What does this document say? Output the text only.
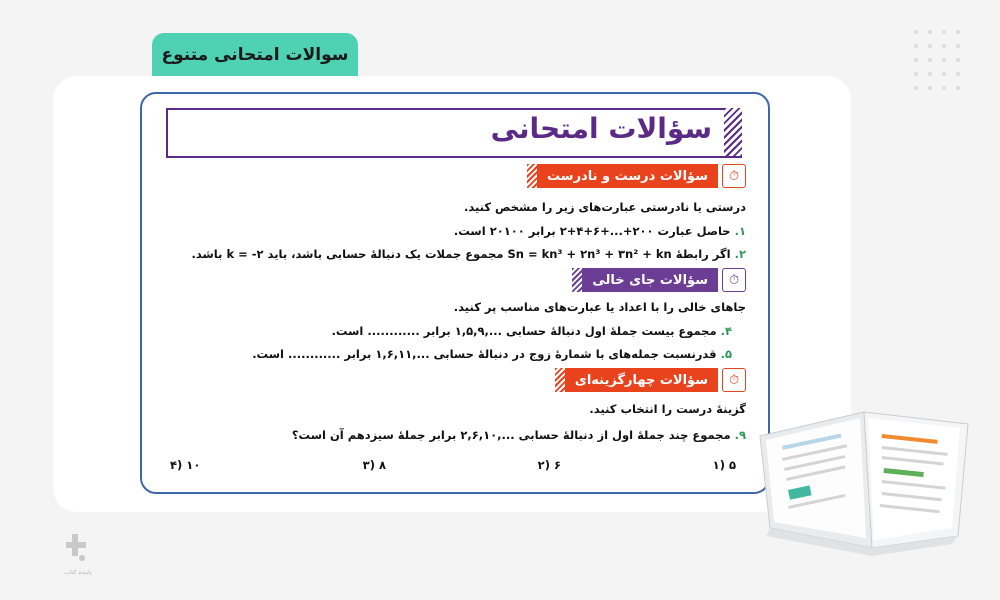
سوالات امتحانی متنوع
سؤالات امتحانی
⏱
سؤالات درست و نادرست
درستی یا نادرستی عبارت‌های زیر را مشخص کنید.
۱. حاصل عبارت ۲۰۰+...+۶+۴+۲ برابر ۲۰۱۰۰ است.
۲. اگر رابطهٔ Sn = kn³ + ۲n³ + ۳n² + kn مجموع جملات یک دنبالهٔ حسابی باشد، باید k = -۲ باشد.
⏱
سؤالات جای خالی
جاهای خالی را با اعداد یا عبارت‌های مناسب پر کنید.
۴. مجموع بیست جملهٔ اول دنبالهٔ حسابی ...,۱,۵,۹ برابر ............ است.
۵. قدرنسبت جمله‌های با شمارهٔ زوج در دنبالهٔ حسابی ...,۱,۶,۱۱ برابر ............ است.
⏱
سؤالات چهارگزینه‌ای
گزینهٔ درست را انتخاب کنید.
۹. مجموع چند جملهٔ اول از دنبالهٔ حسابی ...,۲,۶,۱۰ برابر جملهٔ سیزدهم آن است؟
۵ (۱
۶ (۲
۸ (۳
۱۰ (۴
پاینده کتاب
